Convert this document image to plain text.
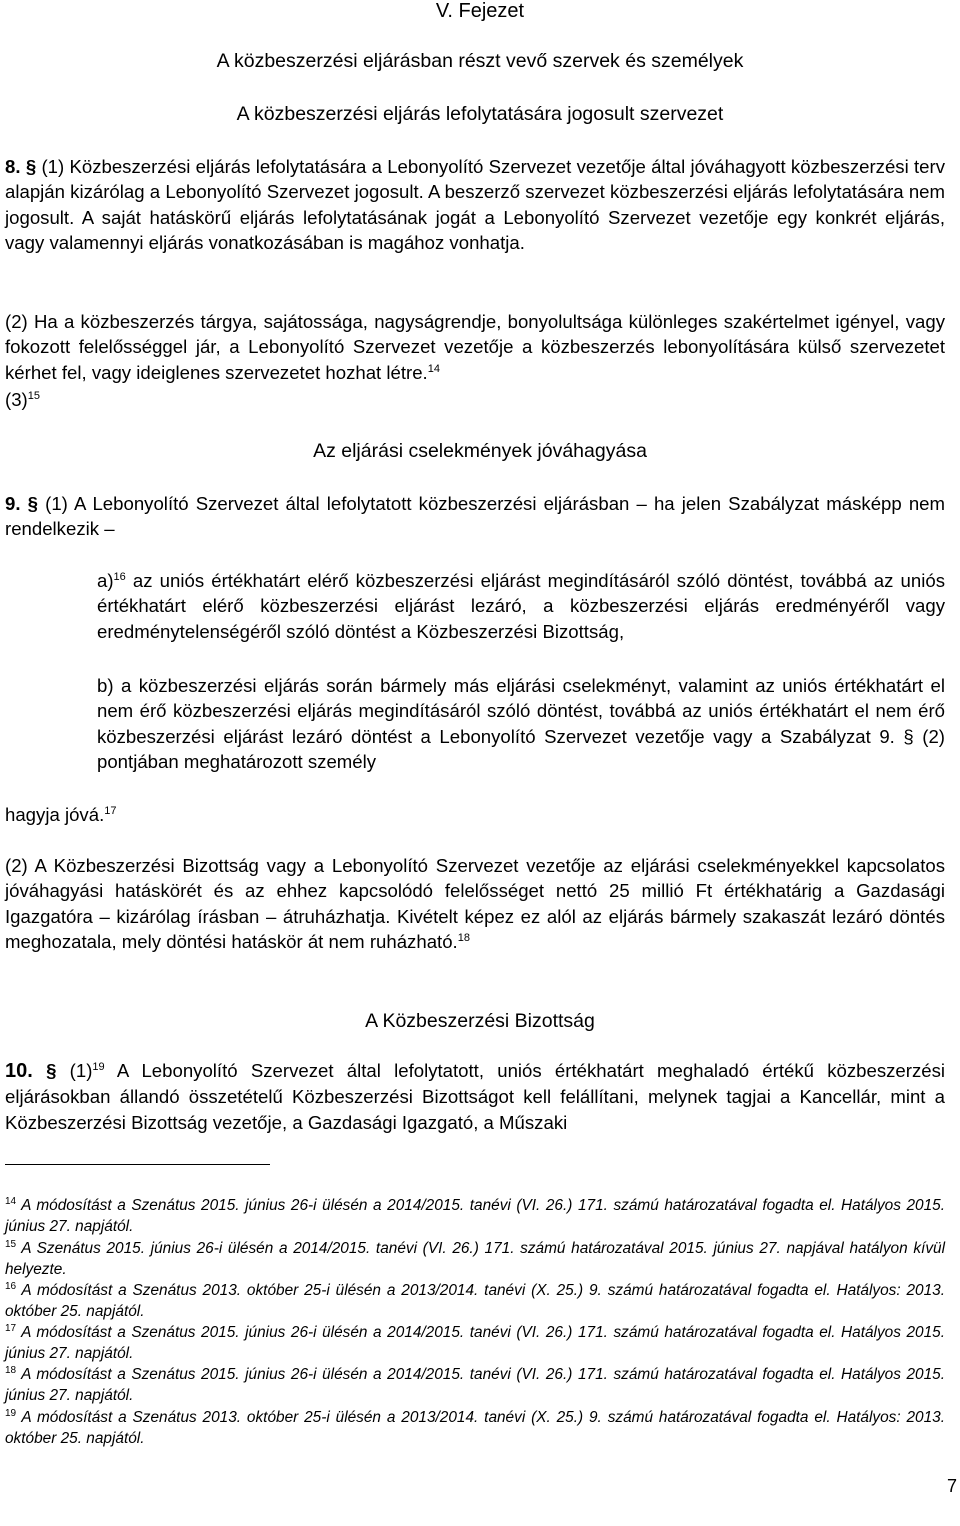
V. Fejezet

A közbeszerzési eljárásban részt vevő szervek és személyek

A közbeszerzési eljárás lefolytatására jogosult szervezet

8. § (1) Közbeszerzési eljárás lefolytatására a Lebonyolító Szervezet vezetője által jóváhagyott közbeszerzési terv alapján kizárólag a Lebonyolító Szervezet jogosult. A beszerző szervezet közbeszerzési eljárás lefolytatására nem jogosult. A saját hatáskörű eljárás lefolytatásának jogát a Lebonyolító Szervezet vezetője egy konkrét eljárás, vagy valamennyi eljárás vonatkozásában is magához vonhatja.

(2) Ha a közbeszerzés tárgya, sajátossága, nagyságrendje, bonyolultsága különleges szakértelmet igényel, vagy fokozott felelősséggel jár, a Lebonyolító Szervezet vezetője a közbeszerzés lebonyolítására külső szervezetet kérhet fel, vagy ideiglenes szervezetet hozhat létre.$^{14}$

$(3)^{15}$

Az eljárási cselekmények jóváhagyása

9. § (1) A Lebonyolító Szervezet által lefolytatott közbeszerzési eljárásban – ha jelen Szabályzat másképp nem rendelkezik –

a)$^{16}$ az uniós értékhatárt elérő közbeszerzési eljárást megindításáról szóló döntést, továbbá az uniós értékhatárt elérő közbeszerzési eljárást lezáró, a közbeszerzési eljárás eredményéről vagy eredménytelenségéről szóló döntést a Közbeszerzési Bizottság,

b) a közbeszerzési eljárás során bármely más eljárási cselekményt, valamint az uniós értékhatárt el nem érő közbeszerzési eljárás megindításáról szóló döntést, továbbá az uniós értékhatárt el nem érő közbeszerzési eljárást lezáró döntést a Lebonyolító Szervezet vezetője vagy a Szabályzat 9. § (2) pontjában meghatározott személy

hagyja jóvá.$^{17}$

(2) A Közbeszerzési Bizottság vagy a Lebonyolító Szervezet vezetője az eljárási cselekményekkel kapcsolatos jóváhagyási hatáskörét és az ehhez kapcsolódó felelősséget nettó 25 millió Ft értékhatárig a Gazdasági Igazgatóra – kizárólag írásban – átruházhatja. Kivételt képez ez alól az eljárás bármely szakaszát lezáró döntés meghozatala, mely döntési hatáskör át nem ruházható.$^{18}$

A Közbeszerzési Bizottság

10. § $(1)^{19}$ A Lebonyolító Szervezet által lefolytatott, uniós értékhatárt meghaladó értékű közbeszerzési eljárásokban állandó összetételű Közbeszerzési Bizottságot kell felállítani, melynek tagjai a Kancellár, mint a Közbeszerzési Bizottság vezetője, a Gazdasági Igazgató, a Műszaki

$^{14}$ A módosítást a Szenátus 2015. június 26-i ülésén a 2014/2015. tanévi (VI. 26.) 171. számú határozatával fogadta el. Hatályos 2015. június 27. napjától.

$^{15}$ A Szenátus 2015. június 26-i ülésén a 2014/2015. tanévi (VI. 26.) 171. számú határozatával 2015. június 27. napjával hatályon kívül helyezte.

$^{16}$ A módosítást a Szenátus 2013. október 25-i ülésén a 2013/2014. tanévi (X. 25.) 9. számú határozatával fogadta el. Hatályos: 2013. október 25. napjától.

$^{17}$ A módosítást a Szenátus 2015. június 26-i ülésén a 2014/2015. tanévi (VI. 26.) 171. számú határozatával fogadta el. Hatályos 2015. június 27. napjától.

$^{18}$ A módosítást a Szenátus 2015. június 26-i ülésén a 2014/2015. tanévi (VI. 26.) 171. számú határozatával fogadta el. Hatályos 2015. június 27. napjától.

$^{19}$ A módosítást a Szenátus 2013. október 25-i ülésén a 2013/2014. tanévi (X. 25.) 9. számú határozatával fogadta el. Hatályos: 2013. október 25. napjától.

7
